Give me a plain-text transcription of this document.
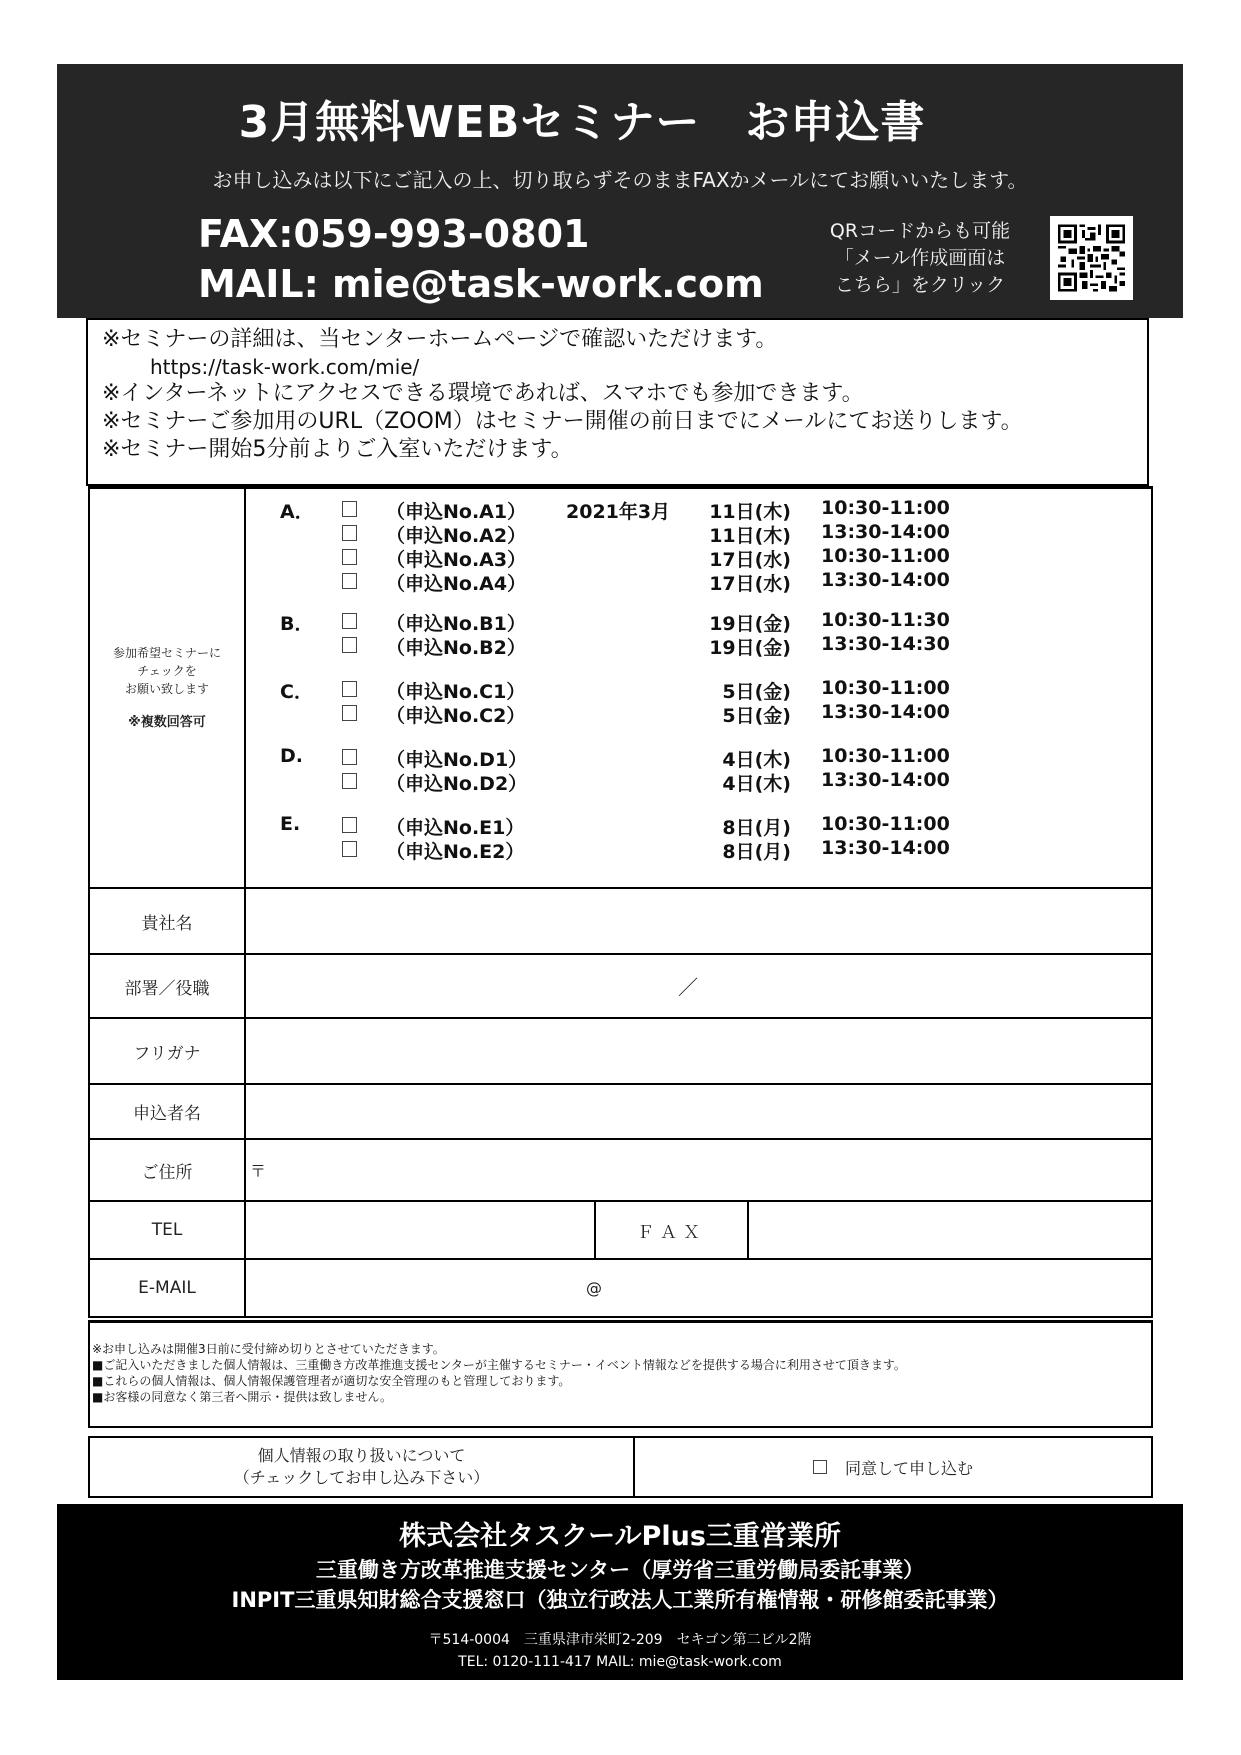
3月無料WEBセミナー　お申込書
お申し込みは以下にご記入の上、切り取らずそのままFAXかメールにてお願いいたします。
FAX:059-993-0801
MAIL: mie@task-work.com
QRコードからも可能
「メール作成画面は
こちら」をクリック
※セミナーの詳細は、当センターホームページで確認いただけます。
https://task-work.com/mie/
※インターネットにアクセスできる環境であれば、スマホでも参加できます。
※セミナーご参加用のURL（ZOOM）はセミナー開催の前日までにメールにてお送りします。
※セミナー開始5分前よりご入室いただけます。
参加希望セミナーに
チェックを
お願い致します
※複数回答可
A．	（申込No.A1） 2021年3月	11日(木) 10:30-11:00
（申込No.A2）	11日(木) 13:30-14:00
（申込No.A3）	17日(水) 10:30-11:00
（申込No.A4）	17日(水) 13:30-14:00
B．	（申込No.B1）	19日(金) 10:30-11:30
（申込No.B2）	19日(金) 13:30-14:30
C．	（申込No.C1）	5日(金) 10:30-11:00
（申込No.C2）	5日(金) 13:30-14:00
D.	（申込No.D1）	4日(木) 10:30-11:00
（申込No.D2）	4日(木) 13:30-14:00
E.	（申込No.E1）	8日(月) 10:30-11:00
（申込No.E2）	8日(月) 13:30-14:00
貴社名
部署／役職	／
フリガナ
申込者名
ご住所	〒
TEL	ＦＡＸ
E-MAIL	@
※お申し込みは開催3日前に受付締め切りとさせていただきます。
■ご記入いただきました個人情報は、三重働き方改革推進支援センターが主催するセミナー・イベント情報などを提供する場合に利用させて頂きます。
■これらの個人情報は、個人情報保護管理者が適切な安全管理のもと管理しております。
■お客様の同意なく第三者へ開示・提供は致しません。
個人情報の取り扱いについて
（チェックしてお申し込み下さい）	同意して申し込む
株式会社タスクールPlus三重営業所
三重働き方改革推進支援センター（厚労省三重労働局委託事業）
INPIT三重県知財総合支援窓口（独立行政法人工業所有権情報・研修館委託事業）
〒514-0004　三重県津市栄町2-209　セキゴン第二ビル2階
TEL: 0120-111-417 MAIL: mie@task-work.com
